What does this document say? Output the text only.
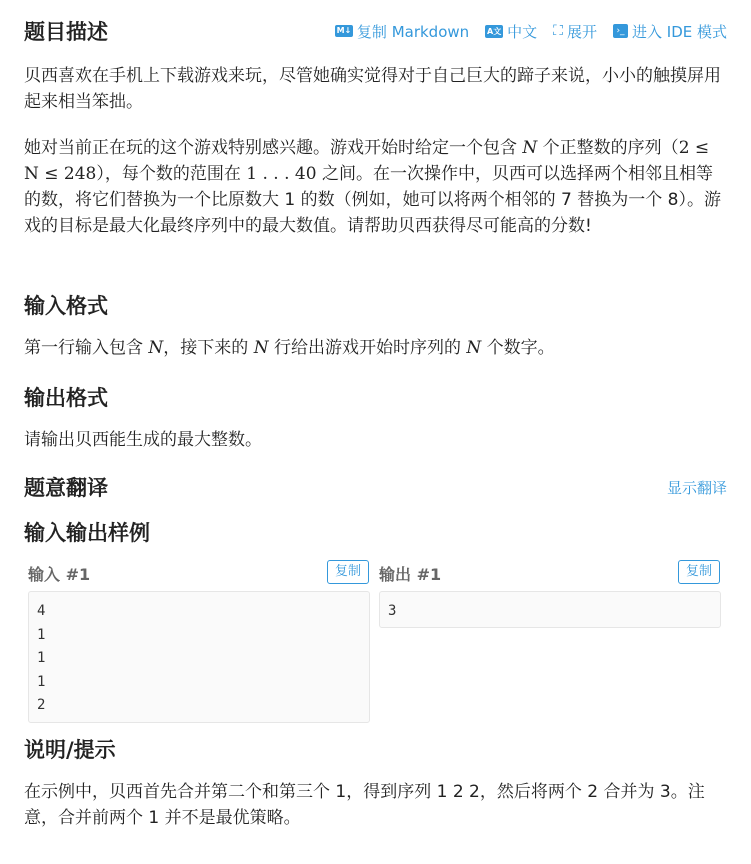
题目描述	M↓ 复制 Markdown A文 中文 ⛶ 展开	›_ 进入 IDE 模式

贝西喜欢在手机上下载游戏来玩，尽管她确实觉得对于自己巨大的蹄子来说，小小的触摸屏用起来相当笨拙。

她对当前正在玩的这个游戏特别感兴趣。游戏开始时给定一个包含 N 个正整数的序列（2 ≤ N ≤ 248），每个数的范围在 1 . . . 40 之间。在一次操作中，贝西可以选择两个相邻且相等的数，将它们替换为一个比原数大 1 的数（例如，她可以将两个相邻的 7 替换为一个 8）。游戏的目标是最大化最终序列中的最大数值。请帮助贝西获得尽可能高的分数!

输入格式

第一行输入包含 N，接下来的 N 行给出游戏开始时序列的 N 个数字。

输出格式

请输出贝西能生成的最大整数。

题意翻译	显示翻译
输入输出样例
输入 #1	复制
4
1
1
1
2
输出 #1	复制
3
说明/提示

在示例中，贝西首先合并第二个和第三个 1，得到序列 1 2 2，然后将两个 2 合并为 3。注意，合并前两个 1 并不是最优策略。
